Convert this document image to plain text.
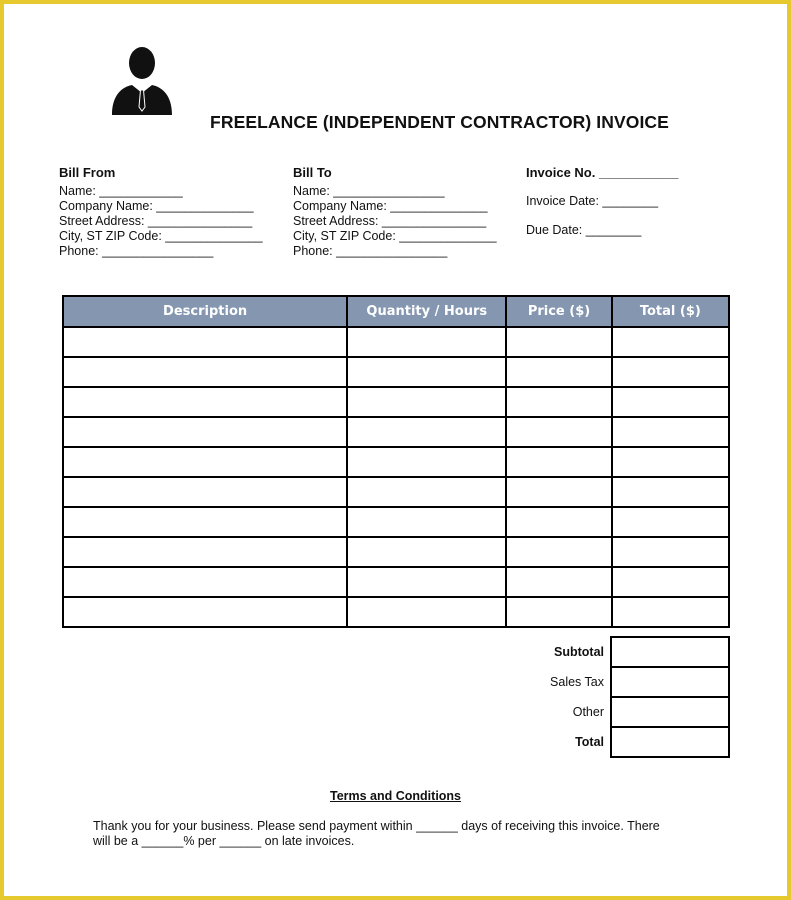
FREELANCE (INDEPENDENT CONTRACTOR) INVOICE
Bill From
Name: ____________
Company Name: ______________
Street Address: _______________
City, ST ZIP Code: ______________
Phone: ________________
Bill To
Name: ________________
Company Name: ______________
Street Address: _______________
City, ST ZIP Code: ______________
Phone: ________________
Invoice No. ___________
Invoice Date: ________
Due Date: ________
Description	Quantity / Hours	Price ($)	Total ($)

Subtotal	
Sales Tax	
Other	
Total	
Terms and Conditions
Thank you for your business. Please send payment within ______ days of receiving this invoice. There
will be a ______% per ______ on late invoices.
